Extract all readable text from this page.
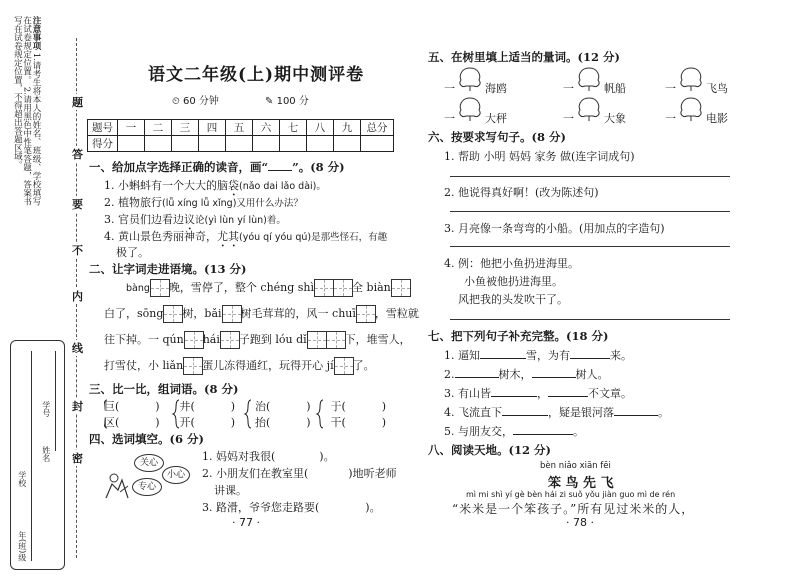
注意事项 1.请考生将本人的姓名、班级、学校填写在试卷规定位置。 2.请用黑色中性笔答题，答案书写在试卷规定位置，不得超出答题区域。	题
答
要
不
内
线
封
密
学校
年(班)级
学号
姓名
语文二年级(上)期中测评卷
⏲ 60 分钟	✎ 100 分
题号	一	二	三	四	五	六	七	八	九	总分
得分										
一、给加点字选择正确的读音，画“ ”。(8 分)
1. 小蝌蚪有一个大大的脑袋(nǎo dai lǎo dài)。
2. 植物旅行(lǚ xíng lǚ xǐng)又用什么办法？
3. 官员们边看边议论(yì lùn yí lùn)着。
4. 黄山景色秀丽神奇，尤其(yóu qí yóu qú)是那些怪石，有趣
极了。
二、让字词走进语境。(13 分)
bàng 晚，雪停了，整个 chéng shì	全 biàn
白了，sōng 树，bǎi 树毛茸茸的，风一 chuī ，雪粒就
往下掉。一 qún hái 子跑到 lóu dǐ	下，堆雪人，
打雪仗，小 liǎn 蛋儿冻得通红，玩得开心 jí 了。
三、比一比，组词语。(8 分)
巨(	) 井(	) 治(	) 于(	)
区(	) 开(	) 抬(	) 干(	)
四、选词填空。(6 分)
关心
小心
专心
1. 妈妈对我很(	)。
2. 小朋友们在教室里(	)地听老师
讲课。
3. 路滑，爷爷您走路要(	)。
· 77 ·
五、在树里填上适当的量词。(12 分)
一	海鸥	一	帆船	一	飞鸟
一	大秤	一	大象	一	电影
六、按要求写句子。(8 分)
1. 帮助 小明 妈妈 家务 做(连字词成句)
2. 他说得真好啊！(改为陈述句)
3. 月亮像一条弯弯的小船。(用加点的字造句)
4. 例：他把小鱼扔进海里。
小鱼被他扔进海里。
风把我的头发吹干了。
七、把下列句子补充完整。(18 分)
1. 逼知	雪，为有	来。
2.	树木，	树人。
3. 有山皆	，	不文章。
4. 飞流直下	，疑是银河落	。
5. 与朋友交，	。
八、阅读天地。(12 分)
bèn niǎo xiān fēi
笨 鸟 先 飞
mì mi shì yí gè bèn hái zi suǒ yǒu jiàn guo mì de rén
“米米是一个笨孩子。”所有见过米米的人，
· 78 ·
